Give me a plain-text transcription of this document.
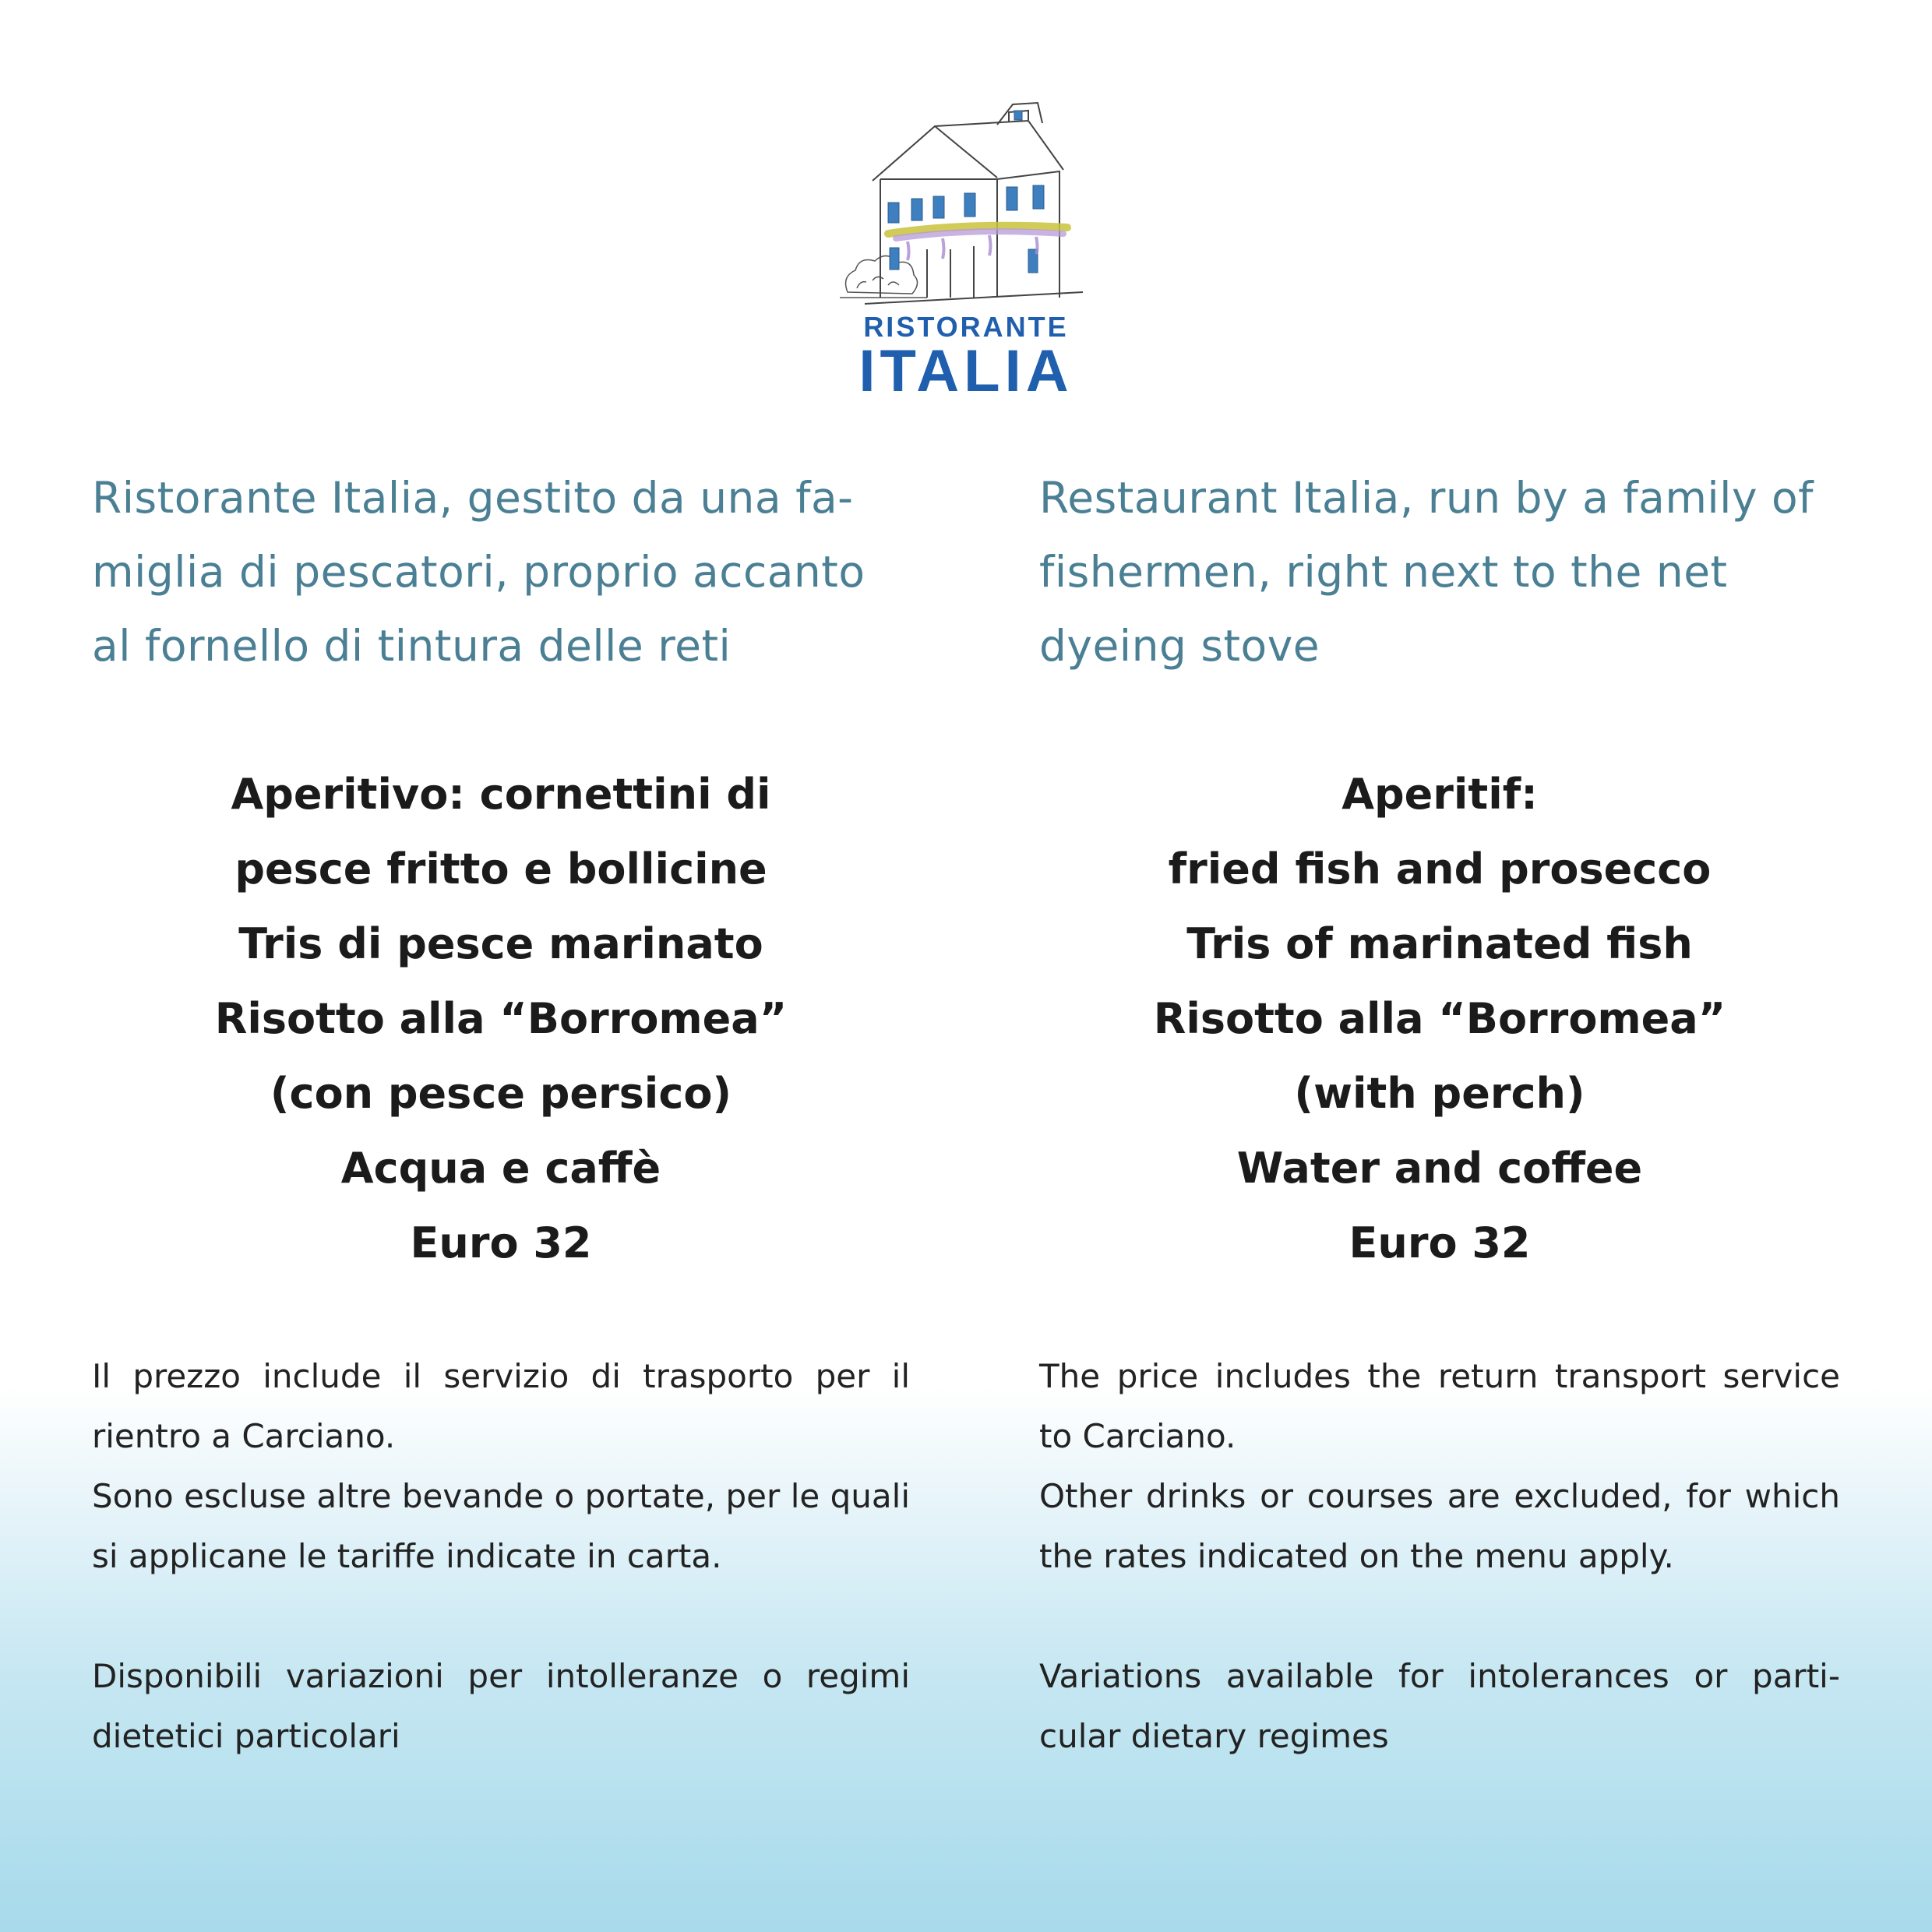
RISTORANTE
ITALIA

Ristorante Italia, gestito da una fa-miglia di pescatori, proprio accanto al fornello di tintura delle reti

Aperitivo: cornettini di
pesce fritto e bollicine
Tris di pesce marinato
Risotto alla “Borromea”
(con pesce persico)
Acqua e caffè
Euro 32

Il prezzo include il servizio di trasporto per il rientro a Carciano.

Sono escluse altre bevande o portate, per le quali si applicane le tariffe indicate in carta.

Disponibili variazioni per intolleranze o regimi dietetici particolari

Restaurant Italia, run by a family of fishermen, right next to the net dyeing stove

Aperitif:
fried fish and prosecco
Tris of marinated fish
Risotto alla “Borromea”
(with perch)
Water and coffee
Euro 32

The price includes the return transport service to Carciano.

Other drinks or courses are excluded, for which the rates indicated on the menu apply.

Variations available for intolerances or parti-cular dietary regimes
